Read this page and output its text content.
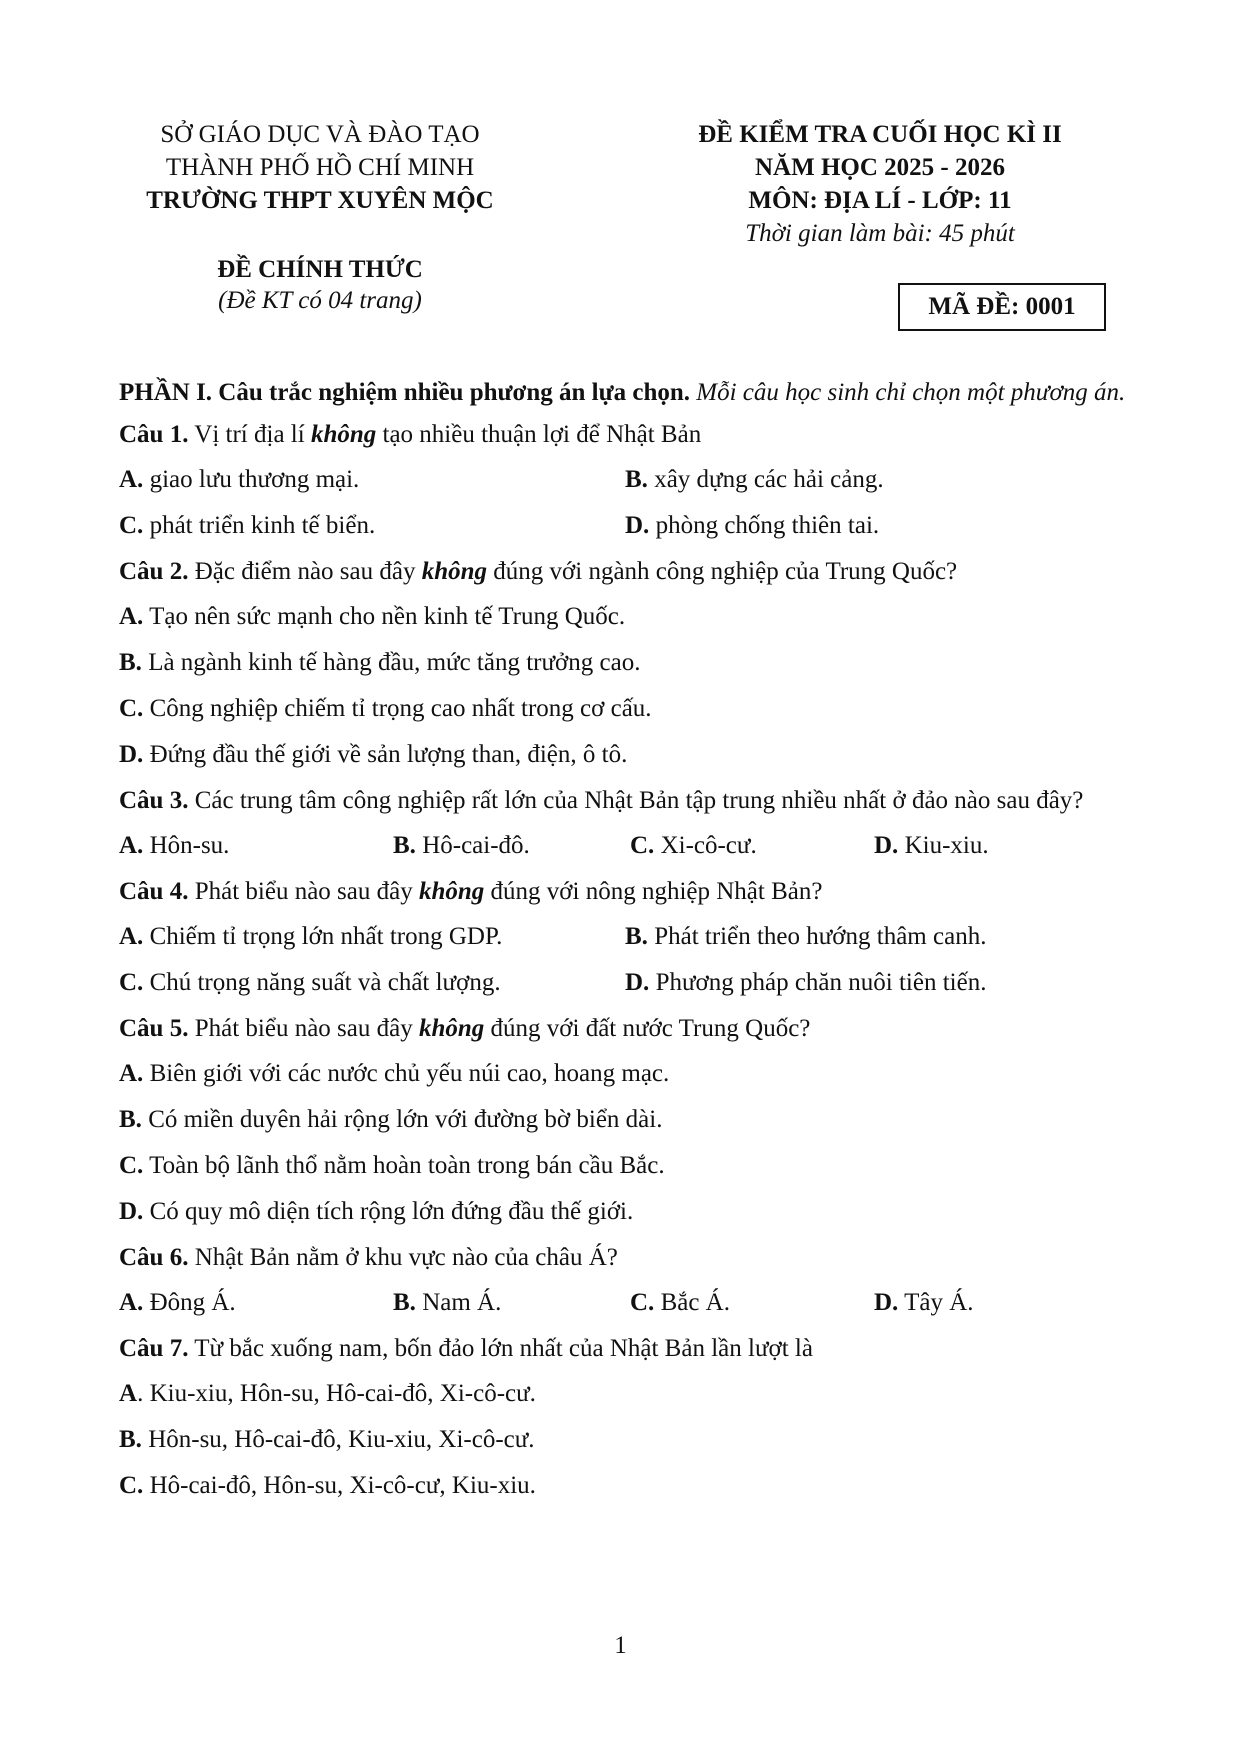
SỞ GIÁO DỤC VÀ ĐÀO TẠO
THÀNH PHỐ HỒ CHÍ MINH
TRƯỜNG THPT XUYÊN MỘC
ĐỀ KIỂM TRA CUỐI HỌC KÌ II
NĂM HỌC 2025 - 2026
MÔN: ĐỊA LÍ - LỚP: 11
Thời gian làm bài: 45 phút
ĐỀ CHÍNH THỨC
(Đề KT có 04 trang)	MÃ ĐỀ: 0001
PHẦN I. Câu trắc nghiệm nhiều phương án lựa chọn. Mỗi câu học sinh chỉ chọn một phương án.
Câu 1. Vị trí địa lí không tạo nhiều thuận lợi để Nhật Bản
A. giao lưu thương mại.	B. xây dựng các hải cảng.
C. phát triển kinh tế biển.	D. phòng chống thiên tai.
Câu 2. Đặc điểm nào sau đây không đúng với ngành công nghiệp của Trung Quốc?
A. Tạo nên sức mạnh cho nền kinh tế Trung Quốc.
B. Là ngành kinh tế hàng đầu, mức tăng trưởng cao.
C. Công nghiệp chiếm tỉ trọng cao nhất trong cơ cấu.
D. Đứng đầu thế giới về sản lượng than, điện, ô tô.
Câu 3. Các trung tâm công nghiệp rất lớn của Nhật Bản tập trung nhiều nhất ở đảo nào sau đây?
A. Hôn-su.	B. Hô-cai-đô.	C. Xi-cô-cư.	D. Kiu-xiu.
Câu 4. Phát biểu nào sau đây không đúng với nông nghiệp Nhật Bản?
A. Chiếm tỉ trọng lớn nhất trong GDP.	B. Phát triển theo hướng thâm canh.
C. Chú trọng năng suất và chất lượng.	D. Phương pháp chăn nuôi tiên tiến.
Câu 5. Phát biểu nào sau đây không đúng với đất nước Trung Quốc?
A. Biên giới với các nước chủ yếu núi cao, hoang mạc.
B. Có miền duyên hải rộng lớn với đường bờ biển dài.
C. Toàn bộ lãnh thổ nằm hoàn toàn trong bán cầu Bắc.
D. Có quy mô diện tích rộng lớn đứng đầu thế giới.
Câu 6. Nhật Bản nằm ở khu vực nào của châu Á?
A. Đông Á.	B. Nam Á.	C. Bắc Á.	D. Tây Á.
Câu 7. Từ bắc xuống nam, bốn đảo lớn nhất của Nhật Bản lần lượt là
A. Kiu-xiu, Hôn-su, Hô-cai-đô, Xi-cô-cư.
B. Hôn-su, Hô-cai-đô, Kiu-xiu, Xi-cô-cư.
C. Hô-cai-đô, Hôn-su, Xi-cô-cư, Kiu-xiu.
1
